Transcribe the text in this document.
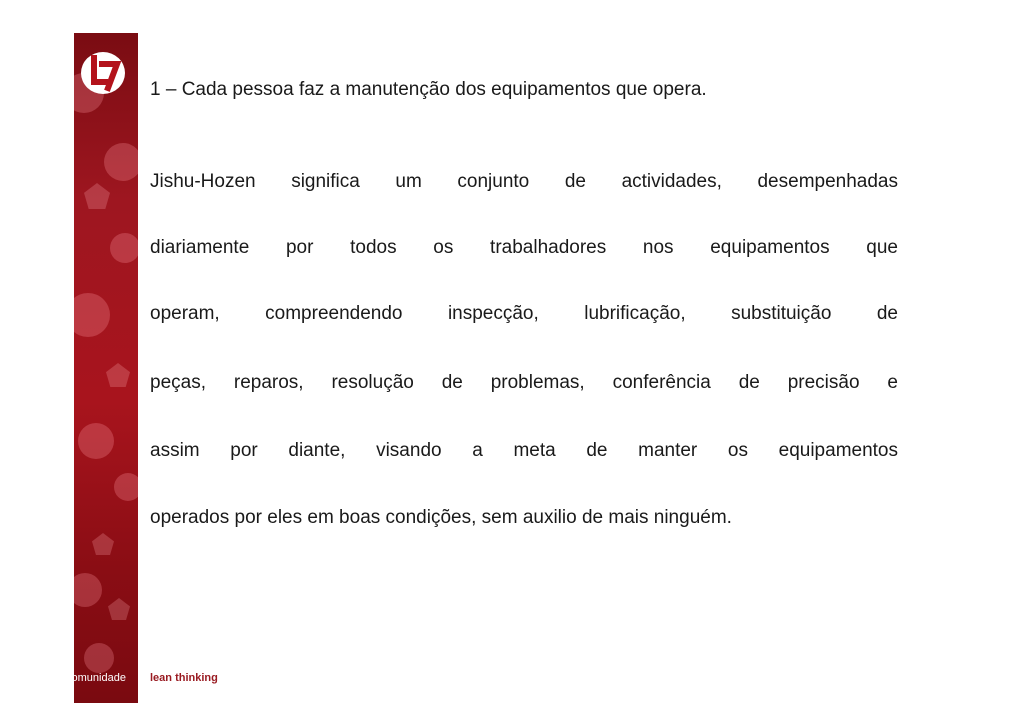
1 – Cada pessoa faz a manutenção dos equipamentos que opera.
Jishu-Hozen significa um conjunto de actividades, desempenhadas
diariamente por todos os trabalhadores nos equipamentos que
operam, compreendendo inspecção, lubrificação, substituição de
peças, reparos, resolução de problemas, conferência de precisão e
assim por diante, visando a meta de manter os equipamentos
operados por eles em boas condições, sem auxilio de mais ninguém.
comunidade	lean thinking
